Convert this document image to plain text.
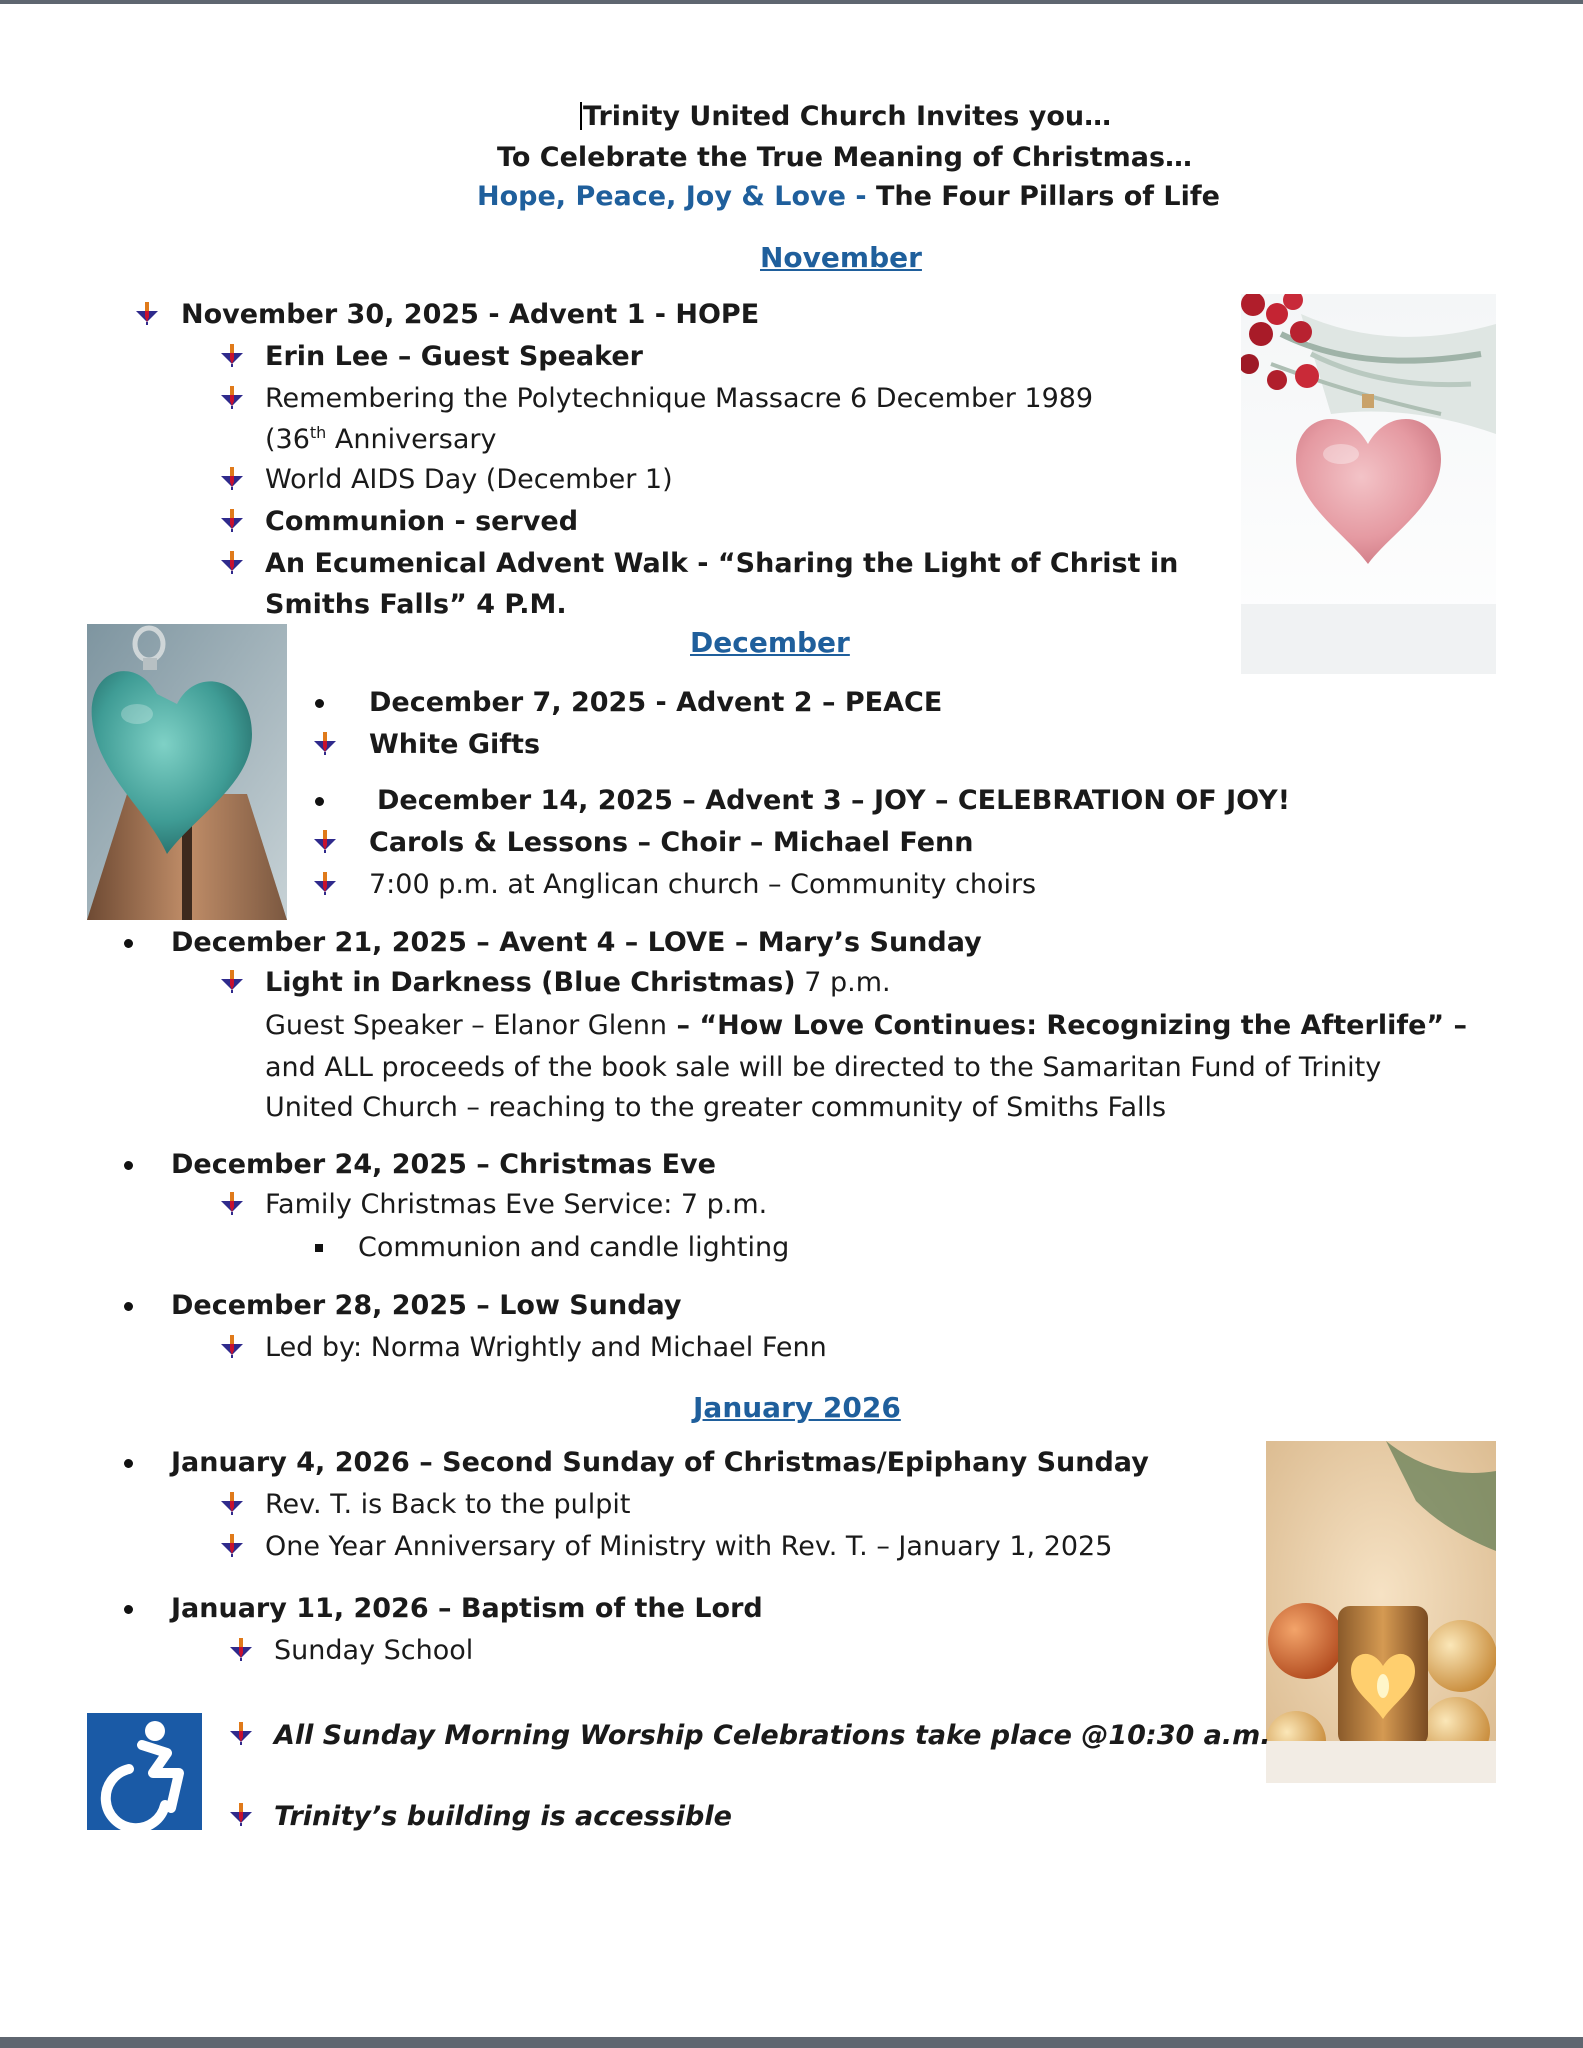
Trinity United Church Invites you…
To Celebrate the True Meaning of Christmas…
Hope, Peace, Joy & Love - The Four Pillars of Life
November
November 30, 2025 - Advent 1 - HOPE
Erin Lee – Guest Speaker
Remembering the Polytechnique Massacre 6 December 1989
(36th Anniversary
World AIDS Day (December 1)
Communion - served
An Ecumenical Advent Walk - “Sharing the Light of Christ in
Smiths Falls” 4 P.M.
December
December 7, 2025 - Advent 2 – PEACE
White Gifts
December 14, 2025 – Advent 3 – JOY – CELEBRATION OF JOY!
Carols & Lessons – Choir – Michael Fenn
7:00 p.m. at Anglican church – Community choirs
December 21, 2025 – Avent 4 – LOVE – Mary’s Sunday
Light in Darkness (Blue Christmas) 7 p.m.
Guest Speaker – Elanor Glenn – “How Love Continues: Recognizing the Afterlife” –
and ALL proceeds of the book sale will be directed to the Samaritan Fund of Trinity
United Church – reaching to the greater community of Smiths Falls
December 24, 2025 – Christmas Eve
Family Christmas Eve Service: 7 p.m.
Communion and candle lighting
December 28, 2025 – Low Sunday
Led by: Norma Wrightly and Michael Fenn
January 2026
January 4, 2026 – Second Sunday of Christmas/Epiphany Sunday
Rev. T. is Back to the pulpit
One Year Anniversary of Ministry with Rev. T. – January 1, 2025
January 11, 2026 – Baptism of the Lord
Sunday School
All Sunday Morning Worship Celebrations take place @10:30 a.m.
Trinity’s building is accessible
